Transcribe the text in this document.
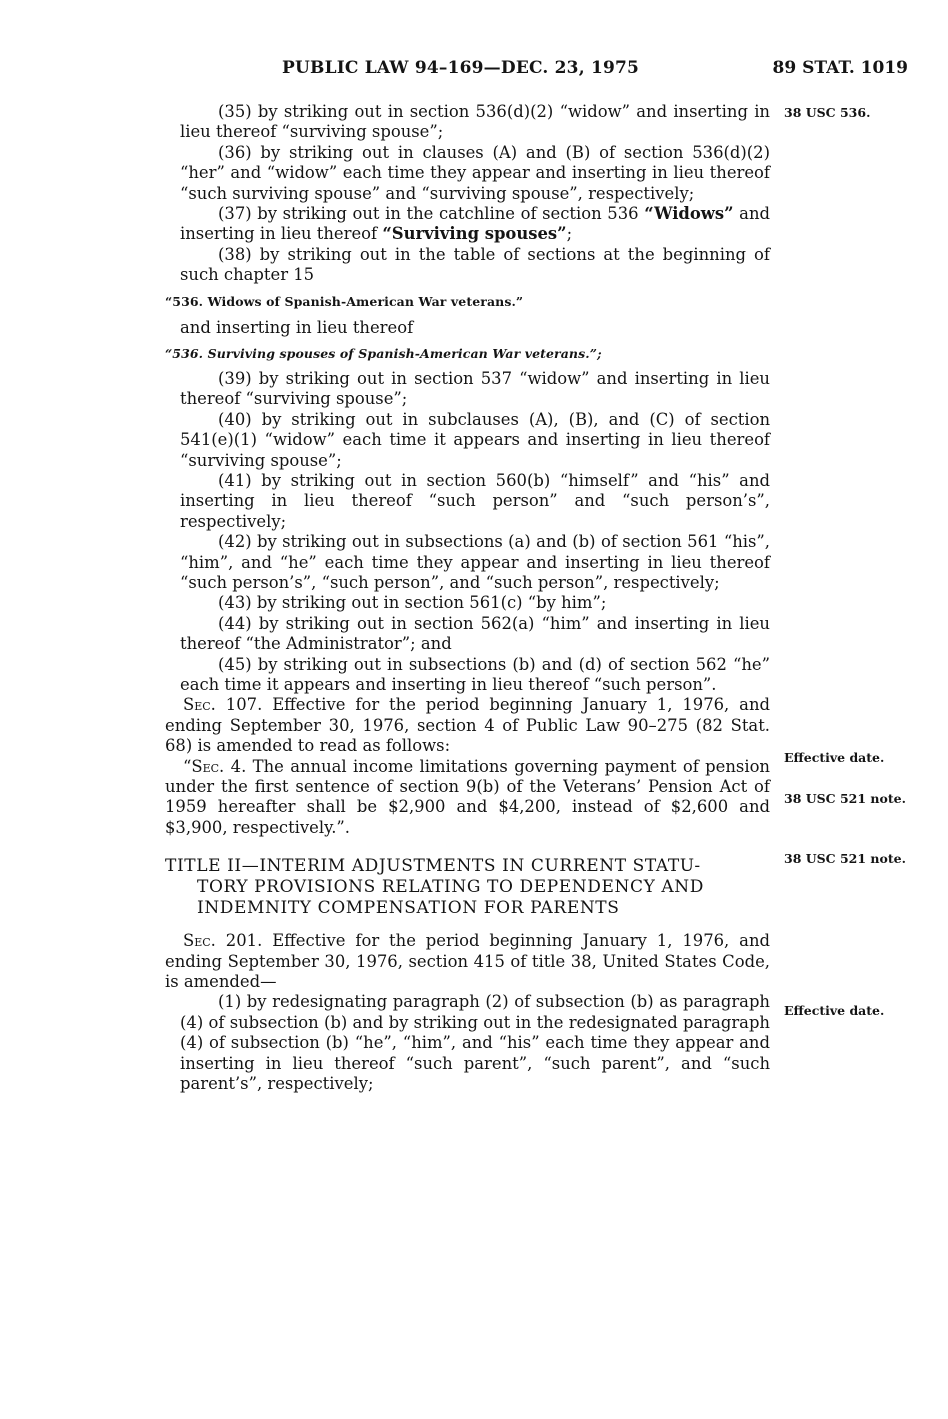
PUBLIC LAW 94–169—DEC. 23, 1975	89 STAT. 1019
38 USC 536.
Effective date.
38 USC 521 note.
38 USC 521 note.
Effective date.

(35) by striking out in section 536(d)(2) “widow” and inserting in lieu thereof “surviving spouse”;

(36) by striking out in clauses (A) and (B) of section 536(d)(2) “her” and “widow” each time they appear and inserting in lieu thereof “such surviving spouse” and “surviving spouse”, respectively;

(37) by striking out in the catchline of section 536 “Widows” and inserting in lieu thereof “Surviving spouses”;

(38) by striking out in the table of sections at the beginning of such chapter 15

“536. Widows of Spanish-American War veterans.”

and inserting in lieu thereof

“536. Surviving spouses of Spanish-American War veterans.”;

(39) by striking out in section 537 “widow” and inserting in lieu thereof “surviving spouse”;

(40) by striking out in subclauses (A), (B), and (C) of section 541(e)(1) “widow” each time it appears and inserting in lieu thereof “surviving spouse”;

(41) by striking out in section 560(b) “himself” and “his” and inserting in lieu thereof “such person” and “such person’s”, respectively;

(42) by striking out in subsections (a) and (b) of section 561 “his”, “him”, and “he” each time they appear and inserting in lieu thereof “such person’s”, “such person”, and “such person”, respectively;

(43) by striking out in section 561(c) “by him”;

(44) by striking out in section 562(a) “him” and inserting in lieu thereof “the Administrator”; and

(45) by striking out in subsections (b) and (d) of section 562 “he” each time it appears and inserting in lieu thereof “such person”.

Sec. 107. Effective for the period beginning January 1, 1976, and ending September 30, 1976, section 4 of Public Law 90–275 (82 Stat. 68) is amended to read as follows:

“Sec. 4. The annual income limitations governing payment of pension under the first sentence of section 9(b) of the Veterans’ Pension Act of 1959 hereafter shall be $2,900 and $4,200, instead of $2,600 and $3,900, respectively.”.

TITLE II—INTERIM ADJUSTMENTS IN CURRENT STATU-
TORY PROVISIONS RELATING TO DEPENDENCY AND
INDEMNITY COMPENSATION FOR PARENTS

Sec. 201. Effective for the period beginning January 1, 1976, and ending September 30, 1976, section 415 of title 38, United States Code, is amended—

(1) by redesignating paragraph (2) of subsection (b) as paragraph (4) of subsection (b) and by striking out in the redesignated paragraph (4) of subsection (b) “he”, “him”, and “his” each time they appear and inserting in lieu thereof “such parent”, “such parent”, and “such parent’s”, respectively;
